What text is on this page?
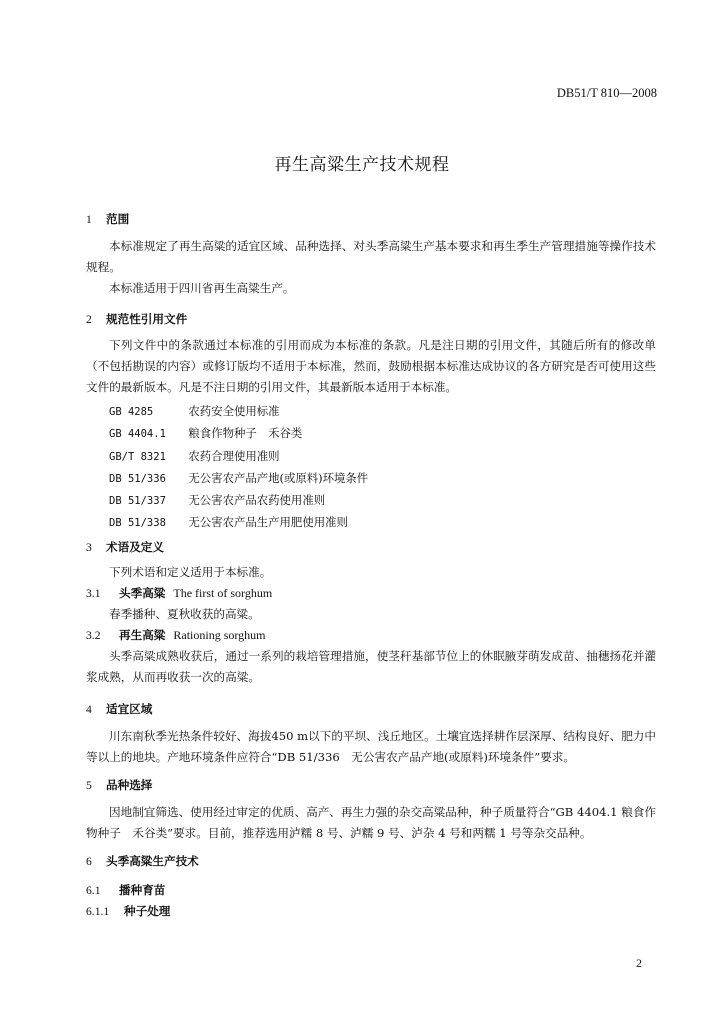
DB51/T 810—2008
再生高粱生产技术规程
1 范围

本标准规定了再生高粱的适宜区域、品种选择、对头季高粱生产基本要求和再生季生产管理措施等操作技术规程。

本标准适用于四川省再生高粱生产。

2 规范性引用文件

下列文件中的条款通过本标准的引用而成为本标准的条款。凡是注日期的引用文件，其随后所有的修改单（不包括勘误的内容）或修订版均不适用于本标准，然而，鼓励根据本标准达成协议的各方研究是否可使用这些文件的最新版本。凡是不注日期的引用文件，其最新版本适用于本标准。

GB 4285　	农药安全使用标准
GB 4404.1　 粮食作物种子　禾谷类
GB/T 8321　 农药合理使用准则
DB 51/336　 无公害农产品产地(或原料)环境条件
DB 51/337　 无公害农产品农药使用准则
DB 51/338　 无公害农产品生产用肥使用准则
3 术语及定义

下列术语和定义适用于本标准。

3.1 头季高粱 The first of sorghum

春季播种、夏秋收获的高粱。

3.2 再生高粱 Rationing sorghum

头季高粱成熟收获后，通过一系列的栽培管理措施，使茎秆基部节位上的休眠腋芽萌发成苗、抽穗扬花并灌浆成熟，从而再收获一次的高粱。

4 适宜区域

川东南秋季光热条件较好、海拔450 m以下的平坝、浅丘地区。土壤宜选择耕作层深厚、结构良好、肥力中等以上的地块。产地环境条件应符合“DB 51/336　无公害农产品产地(或原料)环境条件”要求。

5 品种选择

因地制宜筛选、使用经过审定的优质、高产、再生力强的杂交高粱品种，种子质量符合“GB 4404.1 粮食作物种子　禾谷类”要求。目前，推荐选用泸糯 8 号、泸糯 9 号、泸杂 4 号和两糯 1 号等杂交品种。

6 头季高粱生产技术
6.1 播种育苗
6.1.1 种子处理
2
